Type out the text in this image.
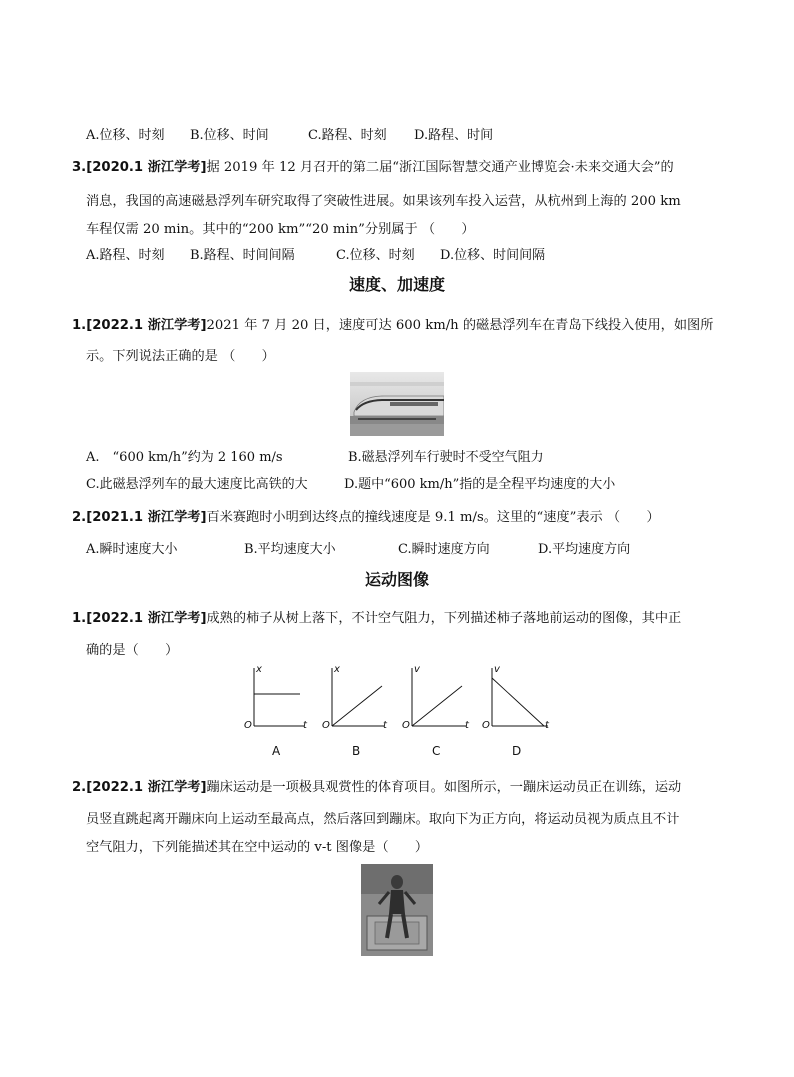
A.位移、时刻 B.位移、时间	C.路程、时刻 D.路程、时间
3.[2020.1 浙江学考]据 2019 年 12 月召开的第二届“浙江国际智慧交通产业博览会·未来交通大会”的
消息，我国的高速磁悬浮列车研究取得了突破性进展。如果该列车投入运营，从杭州到上海的 200 km
车程仅需 20 min。其中的“200 km”“20 min”分别属于 （　　）
A.路程、时刻 B.路程、时间间隔	C.位移、时刻 D.位移、时间间隔
速度、加速度
1.[2022.1 浙江学考]2021 年 7 月 20 日，速度可达 600 km/h 的磁悬浮列车在青岛下线投入使用，如图所
示。下列说法正确的是 （　　）
A.　“600 km/h”约为 2 160 m/s	B.磁悬浮列车行驶时不受空气阻力
C.此磁悬浮列车的最大速度比高铁的大	D.题中“600 km/h”指的是全程平均速度的大小
2.[2021.1 浙江学考]百米赛跑时小明到达终点的撞线速度是 9.1 m/s。这里的“速度”表示 （　　）
A.瞬时速度大小	B.平均速度大小	C.瞬时速度方向	D.平均速度方向
运动图像
1.[2022.1 浙江学考]成熟的柿子从树上落下，不计空气阻力，下列描述柿子落地前运动的图像，其中正
确的是（　　）
x
O	t
A
x
O	t
B
v
O	t
C
v
O	t
D
2.[2022.1 浙江学考]蹦床运动是一项极具观赏性的体育项目。如图所示，一蹦床运动员正在训练，运动
员竖直跳起离开蹦床向上运动至最高点，然后落回到蹦床。取向下为正方向，将运动员视为质点且不计
空气阻力，下列能描述其在空中运动的 v-t 图像是（　　）
